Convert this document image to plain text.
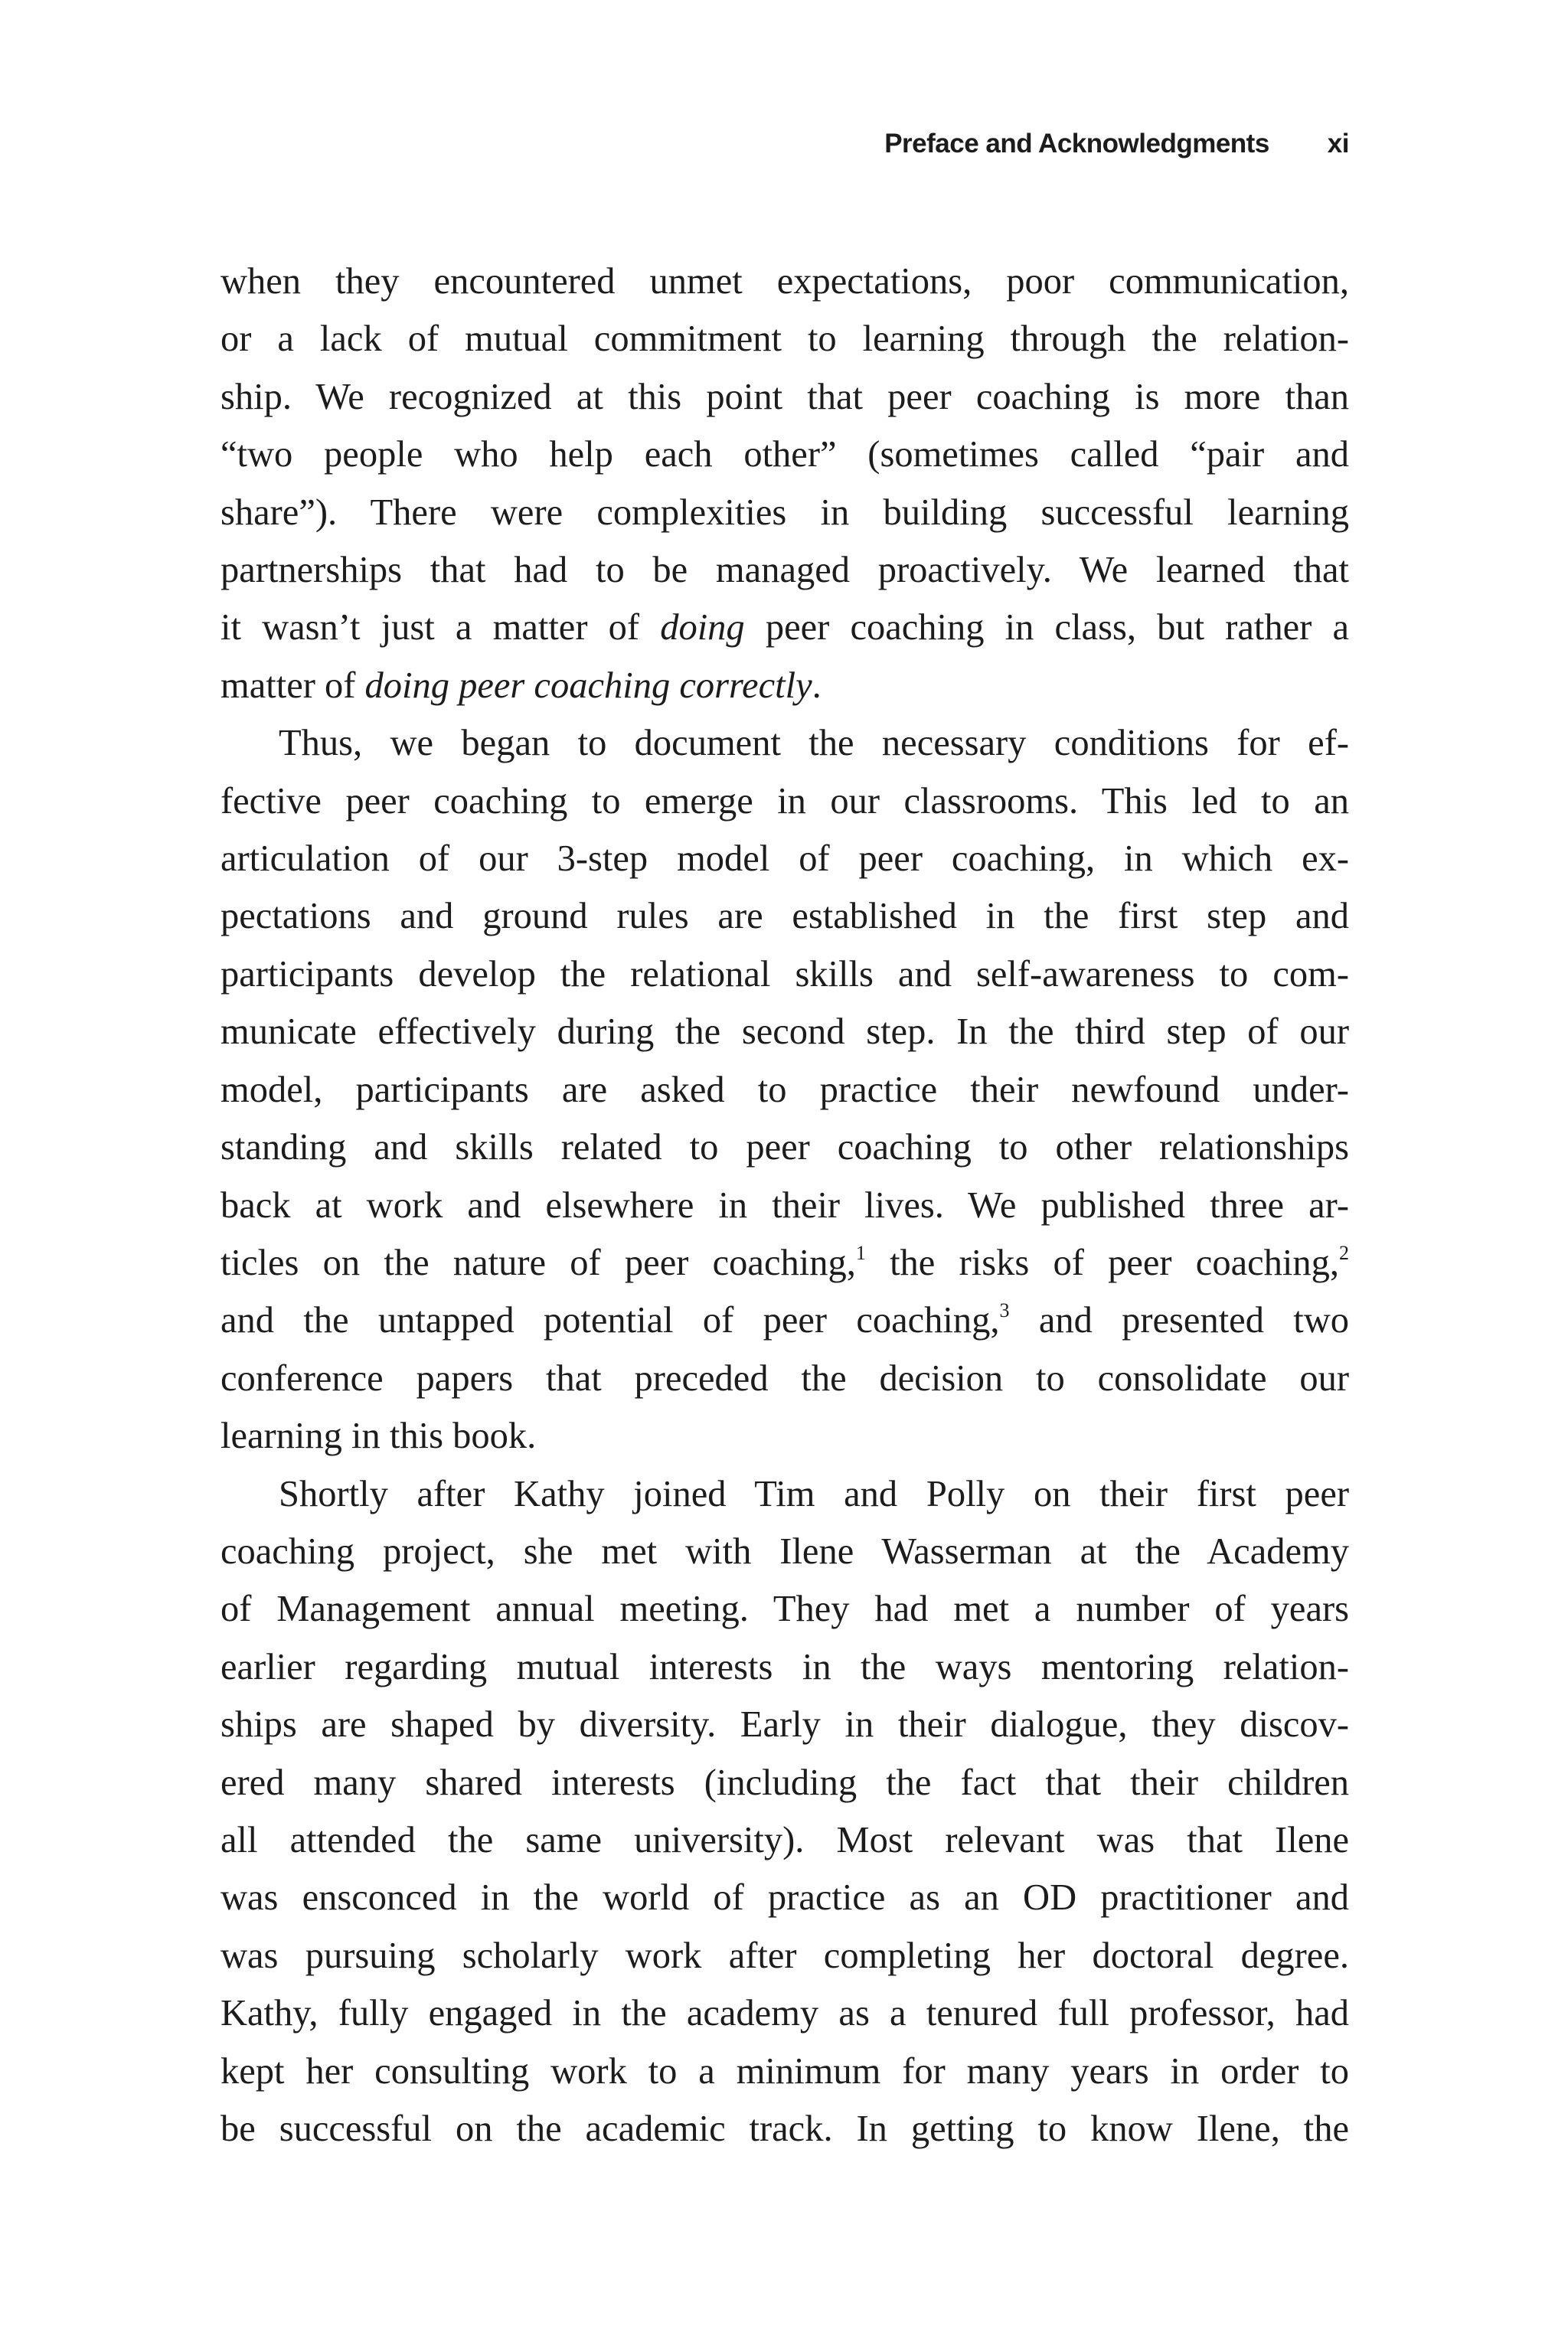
Preface and Acknowledgments xi

when they encountered unmet expectations, poor communication,
or a lack of mutual commitment to learning through the relation-
ship. We recognized at this point that peer coaching is more than
“two people who help each other” (sometimes called “pair and
share”). There were complexities in building successful learning
partnerships that had to be managed proactively. We learned that
it wasn’t just a matter of doing peer coaching in class, but rather a
matter of doing peer coaching correctly.

Thus, we began to document the necessary conditions for ef-
fective peer coaching to emerge in our classrooms. This led to an
articulation of our 3-step model of peer coaching, in which ex-
pectations and ground rules are established in the first step and
participants develop the relational skills and self-awareness to com-
municate effectively during the second step. In the third step of our
model, participants are asked to practice their newfound under-
standing and skills related to peer coaching to other relationships
back at work and elsewhere in their lives. We published three ar-
ticles on the nature of peer coaching,$^1$ the risks of peer coaching,$^2$
and the untapped potential of peer coaching,$^3$ and presented two
conference papers that preceded the decision to consolidate our
learning in this book.

Shortly after Kathy joined Tim and Polly on their first peer
coaching project, she met with Ilene Wasserman at the Academy
of Management annual meeting. They had met a number of years
earlier regarding mutual interests in the ways mentoring relation-
ships are shaped by diversity. Early in their dialogue, they discov-
ered many shared interests (including the fact that their children
all attended the same university). Most relevant was that Ilene
was ensconced in the world of practice as an OD practitioner and
was pursuing scholarly work after completing her doctoral degree.
Kathy, fully engaged in the academy as a tenured full professor, had
kept her consulting work to a minimum for many years in order to
be successful on the academic track. In getting to know Ilene, the
